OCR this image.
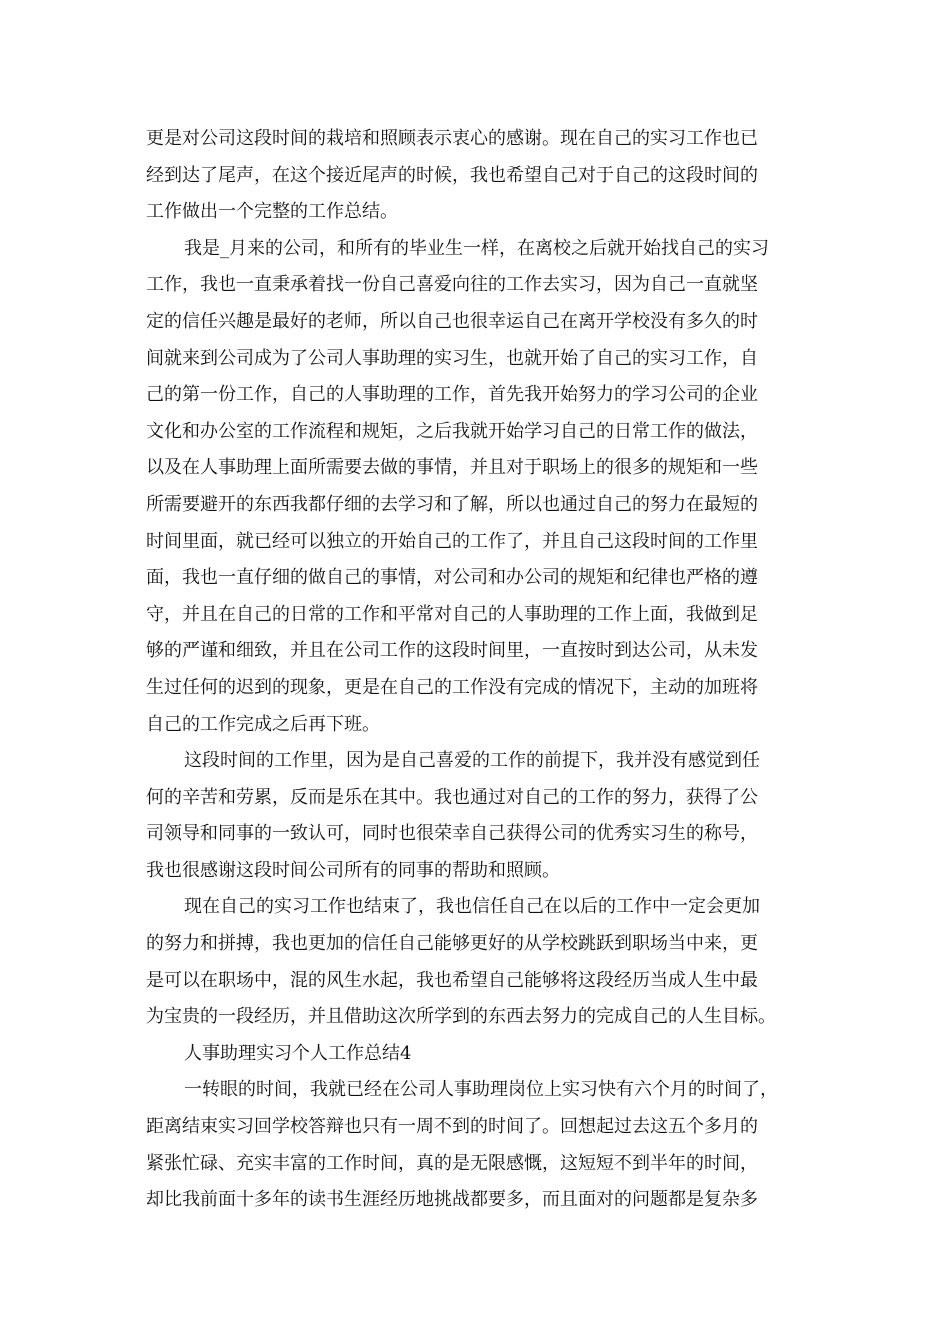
更是对公司这段时间的栽培和照顾表示衷心的感谢。现在自己的实习工作也已
经到达了尾声，在这个接近尾声的时候，我也希望自己对于自己的这段时间的
工作做出一个完整的工作总结。
我是_月来的公司，和所有的毕业生一样，在离校之后就开始找自己的实习
工作，我也一直秉承着找一份自己喜爱向往的工作去实习，因为自己一直就坚
定的信任兴趣是最好的老师，所以自己也很幸运自己在离开学校没有多久的时
间就来到公司成为了公司人事助理的实习生，也就开始了自己的实习工作，自
己的第一份工作，自己的人事助理的工作，首先我开始努力的学习公司的企业
文化和办公室的工作流程和规矩，之后我就开始学习自己的日常工作的做法，
以及在人事助理上面所需要去做的事情，并且对于职场上的很多的规矩和一些
所需要避开的东西我都仔细的去学习和了解，所以也通过自己的努力在最短的
时间里面，就已经可以独立的开始自己的工作了，并且自己这段时间的工作里
面，我也一直仔细的做自己的事情，对公司和办公司的规矩和纪律也严格的遵
守，并且在自己的日常的工作和平常对自己的人事助理的工作上面，我做到足
够的严谨和细致，并且在公司工作的这段时间里，一直按时到达公司，从未发
生过任何的迟到的现象，更是在自己的工作没有完成的情况下，主动的加班将
自己的工作完成之后再下班。
这段时间的工作里，因为是自己喜爱的工作的前提下，我并没有感觉到任
何的辛苦和劳累，反而是乐在其中。我也通过对自己的工作的努力，获得了公
司领导和同事的一致认可，同时也很荣幸自己获得公司的优秀实习生的称号，
我也很感谢这段时间公司所有的同事的帮助和照顾。
现在自己的实习工作也结束了，我也信任自己在以后的工作中一定会更加
的努力和拼搏，我也更加的信任自己能够更好的从学校跳跃到职场当中来，更
是可以在职场中，混的风生水起，我也希望自己能够将这段经历当成人生中最
为宝贵的一段经历，并且借助这次所学到的东西去努力的完成自己的人生目标。
人事助理实习个人工作总结4
一转眼的时间，我就已经在公司人事助理岗位上实习快有六个月的时间了，
距离结束实习回学校答辩也只有一周不到的时间了。回想起过去这五个多月的
紧张忙碌、充实丰富的工作时间，真的是无限感慨，这短短不到半年的时间，
却比我前面十多年的读书生涯经历地挑战都要多，而且面对的问题都是复杂多
